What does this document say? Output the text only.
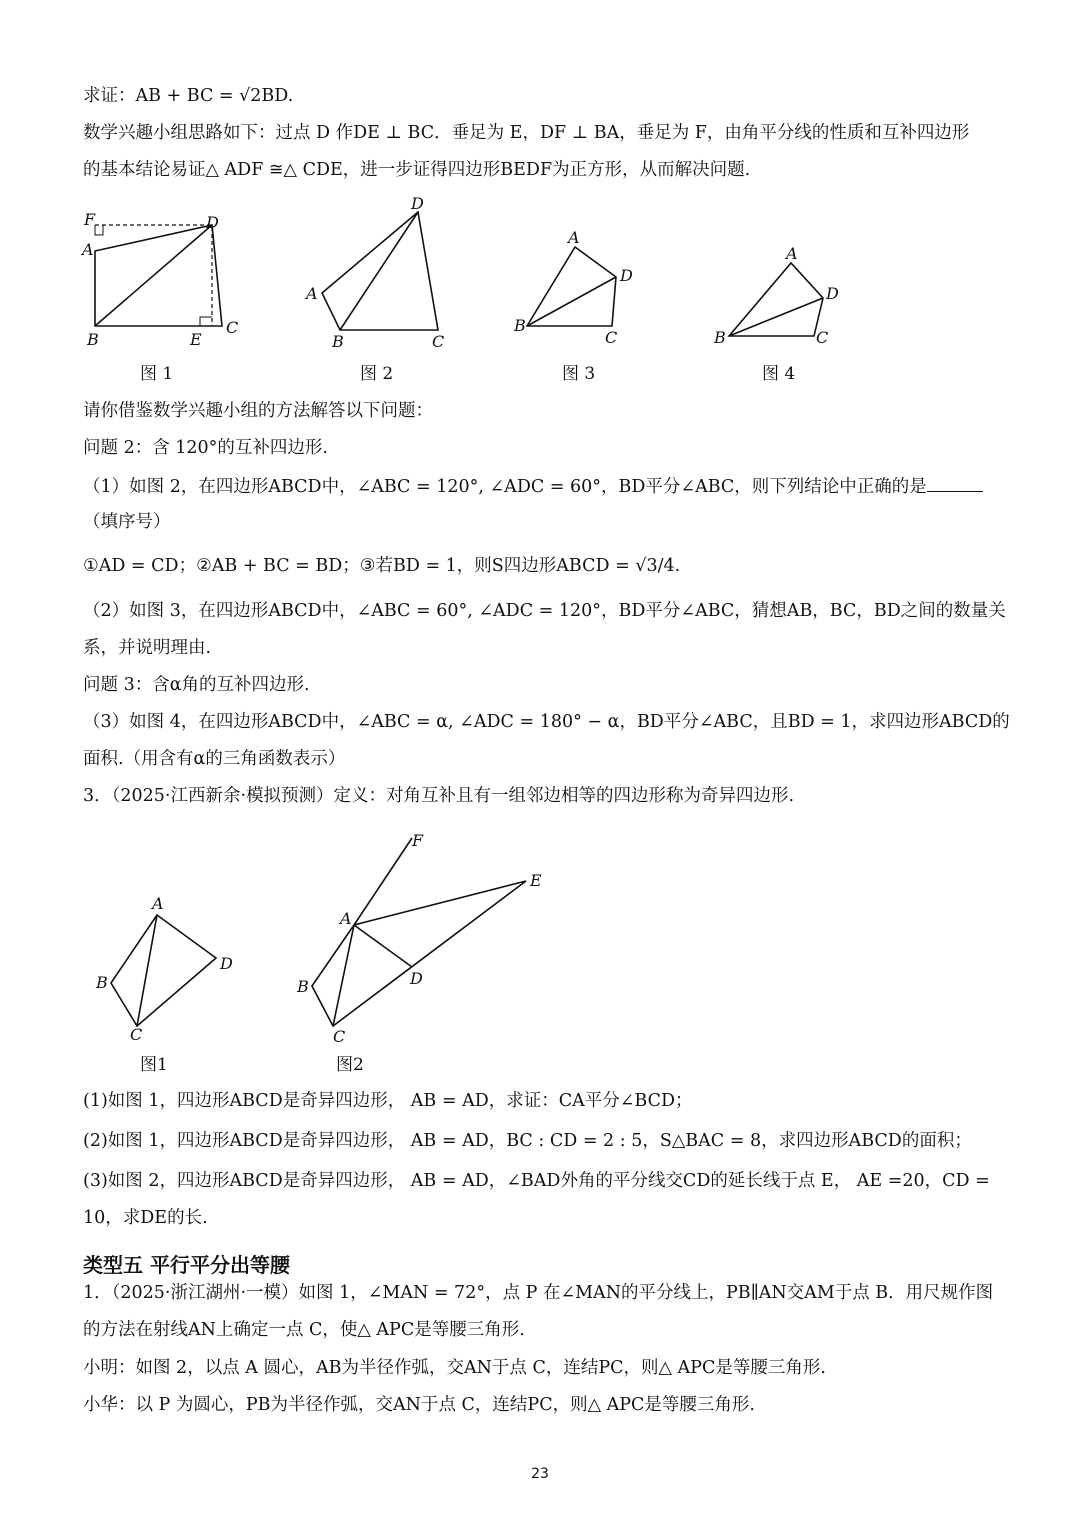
求证：AB + BC = √2BD.
数学兴趣小组思路如下：过点 D 作DE ⊥ BC．垂足为 E，DF ⊥ BA，垂足为 F，由角平分线的性质和互补四边形
的基本结论易证△ ADF ≅△ CDE，进一步证得四边形BEDF为正方形，从而解决问题.
F
A
D
B	E
C
图 1
D
A
B	C
图 2
A
D
B
C
图 3
A
D
B	C
图 4
请你借鉴数学兴趣小组的方法解答以下问题：
问题 2：含 120°的互补四边形.
（1）如图 2，在四边形ABCD中，∠ABC = 120°, ∠ADC = 60°，BD平分∠ABC，则下列结论中正确的是
（填序号）
①AD = CD；②AB + BC = BD；③若BD = 1，则S四边形ABCD = √3/4.
（2）如图 3，在四边形ABCD中，∠ABC = 60°, ∠ADC = 120°，BD平分∠ABC，猜想AB，BC，BD之间的数量关
系，并说明理由.
问题 3：含α角的互补四边形.
（3）如图 4，在四边形ABCD中，∠ABC = α, ∠ADC = 180° − α，BD平分∠ABC，且BD = 1，求四边形ABCD的
面积.（用含有α的三角函数表示）
3．（2025·江西新余·模拟预测）定义：对角互补且有一组邻边相等的四边形称为奇异四边形.
A
B
D
C
图1
F
E
A
B	D
C
图2
(1)如图 1，四边形ABCD是奇异四边形， AB = AD，求证：CA平分∠BCD；
(2)如图 1，四边形ABCD是奇异四边形， AB = AD，BC : CD = 2 : 5，S△BAC = 8，求四边形ABCD的面积；
(3)如图 2，四边形ABCD是奇异四边形， AB = AD，∠BAD外角的平分线交CD的延长线于点 E， AE =20，CD =
10，求DE的长.
类型五 平行平分出等腰
1．（2025·浙江湖州·一模）如图 1，∠MAN = 72°，点 P 在∠MAN的平分线上，PB∥AN交AM于点 B．用尺规作图
的方法在射线AN上确定一点 C，使△ APC是等腰三角形.
小明：如图 2，以点 A 圆心，AB为半径作弧，交AN于点 C，连结PC，则△ APC是等腰三角形.
小华：以 P 为圆心，PB为半径作弧，交AN于点 C，连结PC，则△ APC是等腰三角形.
23
